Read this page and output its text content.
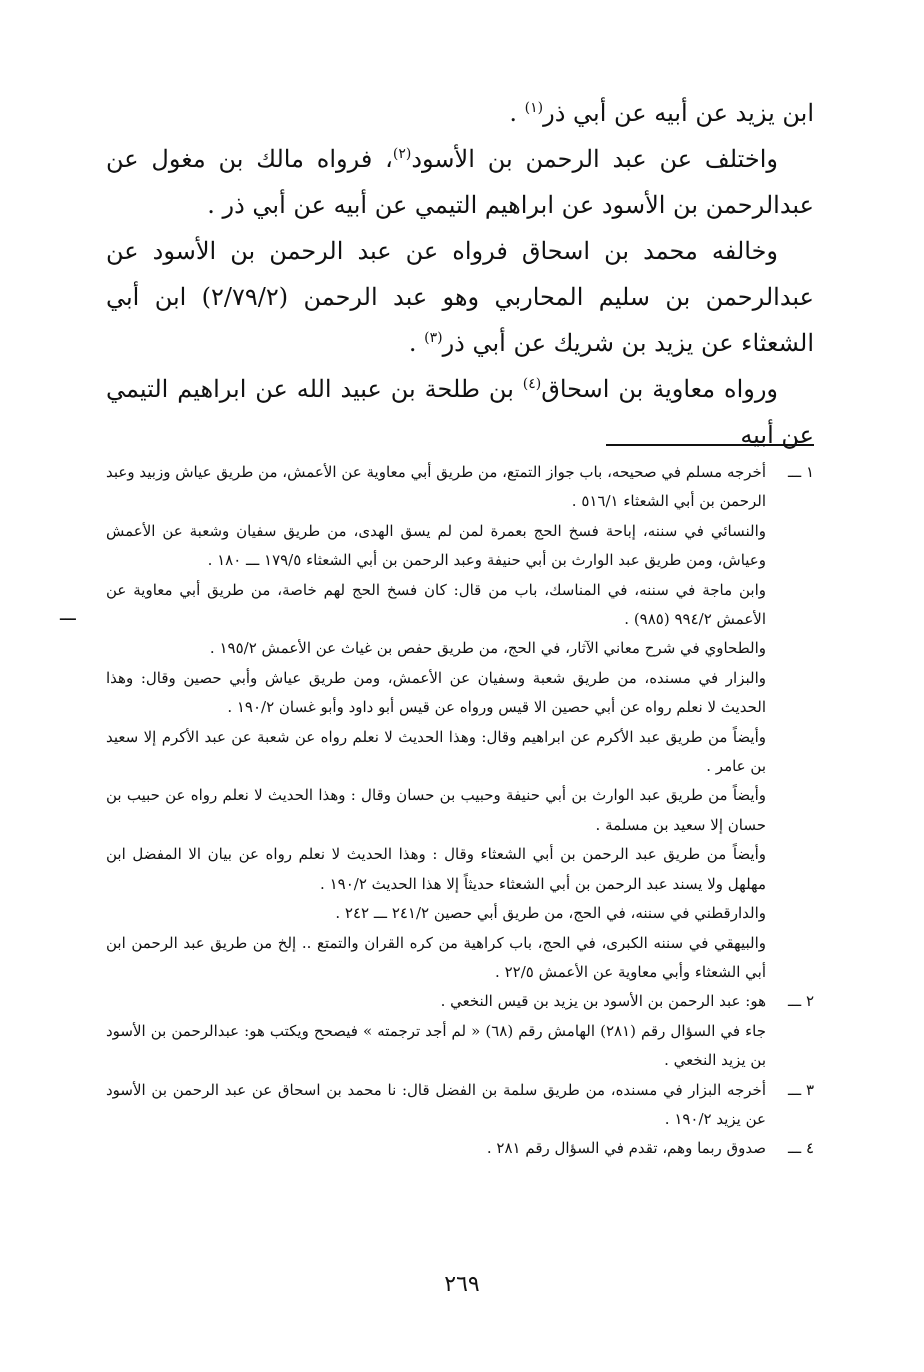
ابن يزيد عن أبيه عن أبي ذر$^{(١)}$ .

واختلف عن عبد الرحمن بن الأسود$^{(٢)}$، فرواه مالك بن مغول عن عبدالرحمن بن الأسود عن ابراهيم التيمي عن أبيه عن أبي ذر .

وخالفه محمد بن اسحاق فرواه عن عبد الرحمن بن الأسود عن عبدالرحمن بن سليم المحاربي وهو عبد الرحمن (٢/٧٩/٢) ابن أبي الشعثاء عن يزيد بن شريك عن أبي ذر$^{(٣)}$ .

ورواه معاوية بن اسحاق$^{(٤)}$ بن طلحة بن عبيد الله عن ابراهيم التيمي عن أبيه

١ ـــ

أخرجه مسلم في صحيحه، باب جواز التمتع، من طريق أبي معاوية عن الأعمش، من طريق عياش وزبيد وعبد الرحمن بن أبي الشعثاء ٥١٦/١ .

والنسائي في سننه، إباحة فسخ الحج بعمرة لمن لم يسق الهدى، من طريق سفيان وشعبة عن الأعمش وعياش، ومن طريق عبد الوارث بن أبي حنيفة وعبد الرحمن بن أبي الشعثاء ١٧٩/٥ ـــ ١٨٠ .

وابن ماجة في سننه، في المناسك، باب من قال: كان فسخ الحج لهم خاصة، من طريق أبي معاوية عن الأعمش ٩٩٤/٢ (٩٨٥) .

والطحاوي في شرح معاني الآثار، في الحج، من طريق حفص بن غياث عن الأعمش ١٩٥/٢ .

والبزار في مسنده، من طريق شعبة وسفيان عن الأعمش، ومن طريق عياش وأبي حصين وقال: وهذا الحديث لا نعلم رواه عن أبي حصين الا قيس ورواه عن قيس أبو داود وأبو غسان ١٩٠/٢ .

وأيضاً من طريق عبد الأكرم عن ابراهيم وقال: وهذا الحديث لا نعلم رواه عن شعبة عن عبد الأكرم إلا سعيد بن عامر .

وأيضاً من طريق عبد الوارث بن أبي حنيفة وحبيب بن حسان وقال : وهذا الحديث لا نعلم رواه عن حبيب بن حسان إلا سعيد بن مسلمة .

وأيضاً من طريق عبد الرحمن بن أبي الشعثاء وقال : وهذا الحديث لا نعلم رواه عن بيان الا المفضل ابن مهلهل ولا يسند عبد الرحمن بن أبي الشعثاء حديثاً إلا هذا الحديث ١٩٠/٢ .

والدارقطني في سننه، في الحج، من طريق أبي حصين ٢٤١/٢ ـــ ٢٤٢ .

والبيهقي في سننه الكبرى، في الحج، باب كراهية من كره القران والتمتع .. إلخ من طريق عبد الرحمن ابن أبي الشعثاء وأبي معاوية عن الأعمش ٢٢/٥ .

٢ ـــ

هو: عبد الرحمن بن الأسود بن يزيد بن قيس النخعي .

جاء في السؤال رقم (٢٨١) الهامش رقم (٦٨) « لم أجد ترجمته » فيصحح ويكتب هو: عبدالرحمن بن الأسود بن يزيد النخعي .

٣ ـــ

أخرجه البزار في مسنده، من طريق سلمة بن الفضل قال: نا محمد بن اسحاق عن عبد الرحمن بن الأسود عن يزيد ١٩٠/٢ .

٤ ـــ

صدوق ربما وهم، تقدم في السؤال رقم ٢٨١ .

ـــ
٢٦٩
